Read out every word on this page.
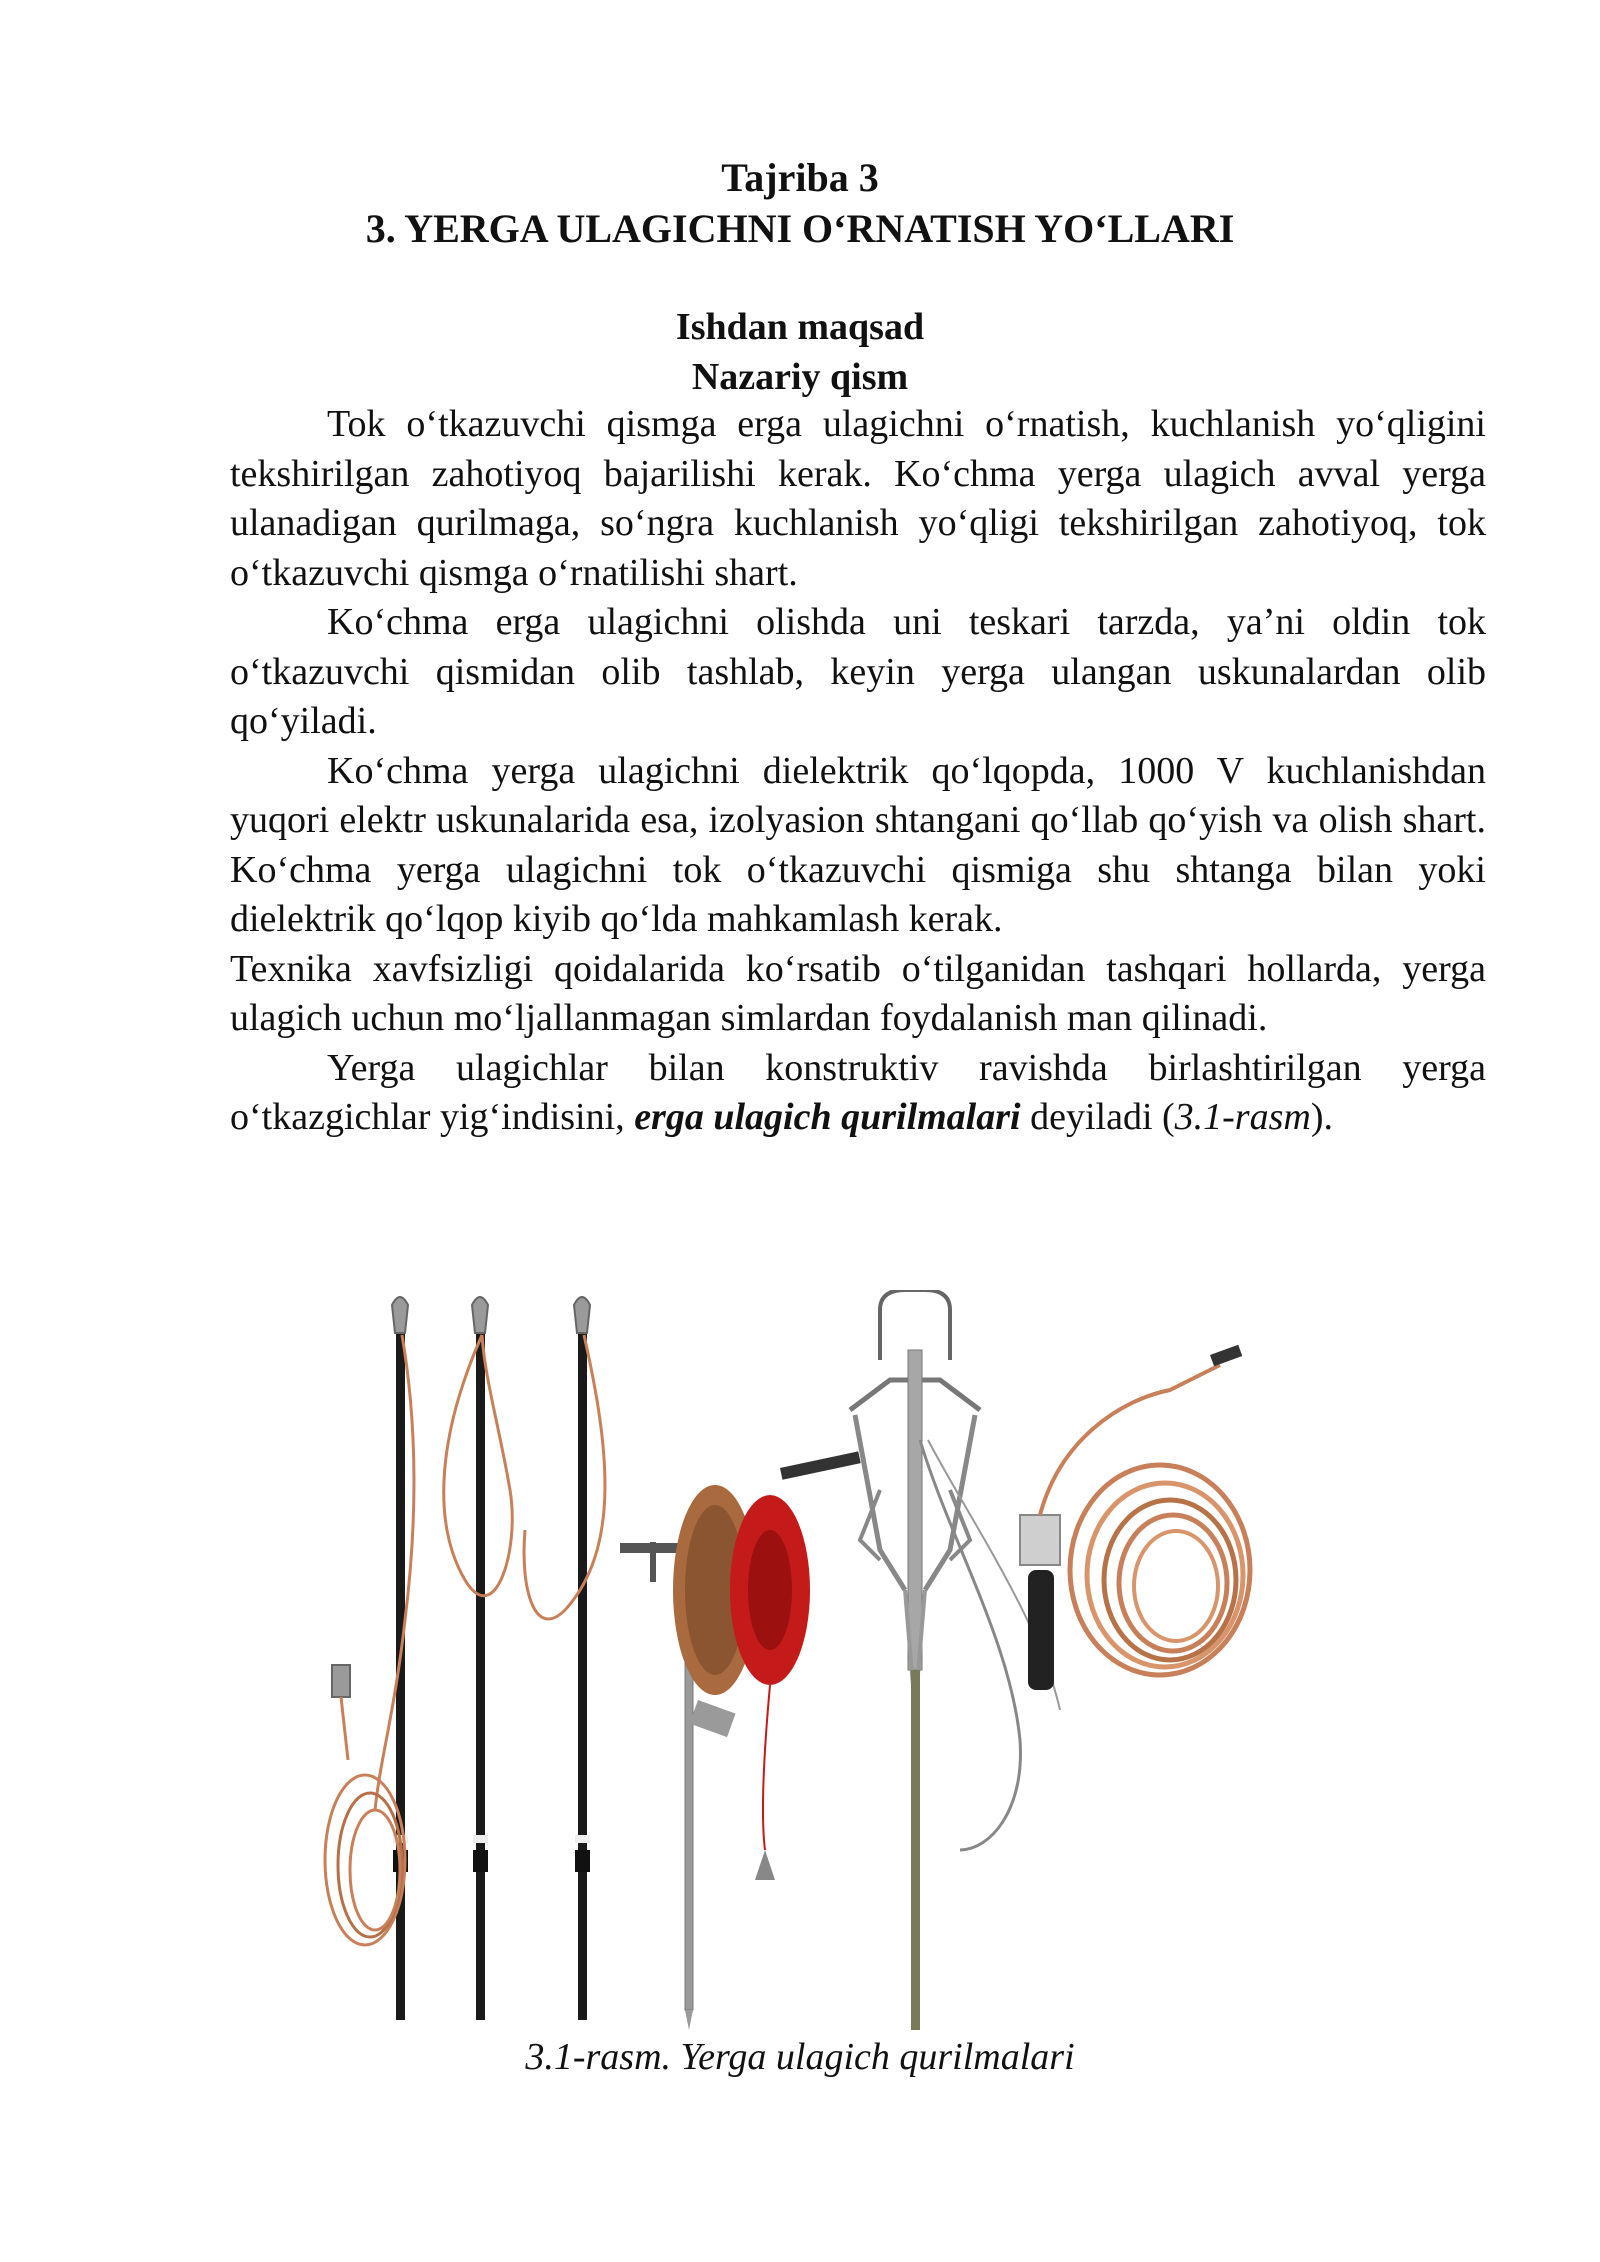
Tajriba 3
3. YERGA ULAGICHNI O‘RNATISH YO‘LLARI
Ishdan maqsad
Nazariy qism

Tok o‘tkazuvchi qismga erga ulagichni o‘rnatish, kuchlanish yo‘qligini tekshirilgan zahotiyoq bajarilishi kerak. Ko‘chma yerga ulagich avval yerga ulanadigan qurilmaga, so‘ngra kuchlanish yo‘qligi tekshirilgan zahotiyoq, tok o‘tkazuvchi qismga o‘rnatilishi shart.

Ko‘chma erga ulagichni olishda uni teskari tarzda, ya’ni oldin tok o‘tkazuvchi qismidan olib tashlab, keyin yerga ulangan uskunalardan olib qo‘yiladi.

Ko‘chma yerga ulagichni dielektrik qo‘lqopda, 1000 V kuchlanishdan yuqori elektr uskunalarida esa, izolyasion shtangani qo‘llab qo‘yish va olish shart. Ko‘chma yerga ulagichni tok o‘tkazuvchi qismiga shu shtanga bilan yoki dielektrik qo‘lqop kiyib qo‘lda mahkamlash kerak.

Texnika xavfsizligi qoidalarida ko‘rsatib o‘tilganidan tashqari hollarda, yerga ulagich uchun mo‘ljallanmagan simlardan foydalanish man qilinadi.

Yerga ulagichlar bilan konstruktiv ravishda birlashtirilgan yerga o‘tkazgichlar yig‘indisini, erga ulagich qurilmalari deyiladi (3.1-rasm).

3.1-rasm. Yerga ulagich qurilmalari
